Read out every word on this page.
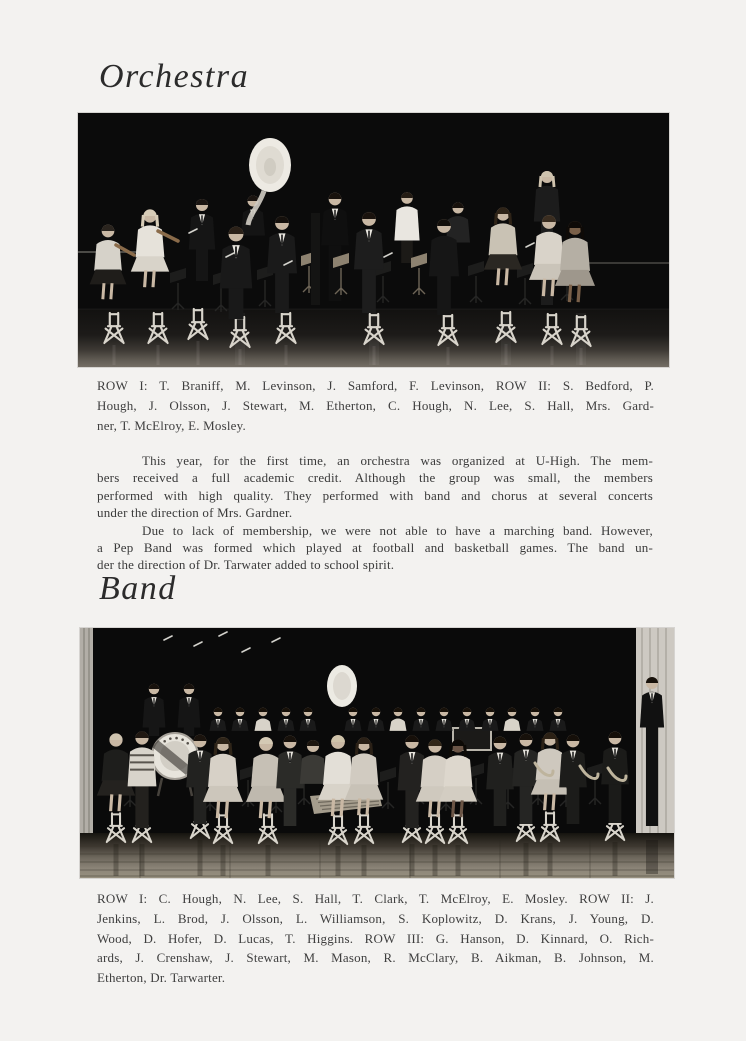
Orchestra
ROW I: T. Braniff, M. Levinson, J. Samford, F. Levinson, ROW II: S. Bedford, P.
Hough, J. Olsson, J. Stewart, M. Etherton, C. Hough, N. Lee, S. Hall, Mrs. Gard-
ner, T. McElroy, E. Mosley.
This year, for the first time, an orchestra was organized at U-High. The mem-
bers received a full academic credit. Although the group was small, the members
performed with high quality. They performed with band and chorus at several concerts
under the direction of Mrs. Gardner.
Due to lack of membership, we were not able to have a marching band. However,
a Pep Band was formed which played at football and basketball games. The band un-
der the direction of Dr. Tarwater added to school spirit.
Band
ROW I: C. Hough, N. Lee, S. Hall, T. Clark, T. McElroy, E. Mosley. ROW II: J.
Jenkins, L. Brod, J. Olsson, L. Williamson, S. Koplowitz, D. Krans, J. Young, D.
Wood, D. Hofer, D. Lucas, T. Higgins. ROW III: G. Hanson, D. Kinnard, O. Rich-
ards, J. Crenshaw, J. Stewart, M. Mason, R. McClary, B. Aikman, B. Johnson, M.
Etherton, Dr. Tarwarter.
